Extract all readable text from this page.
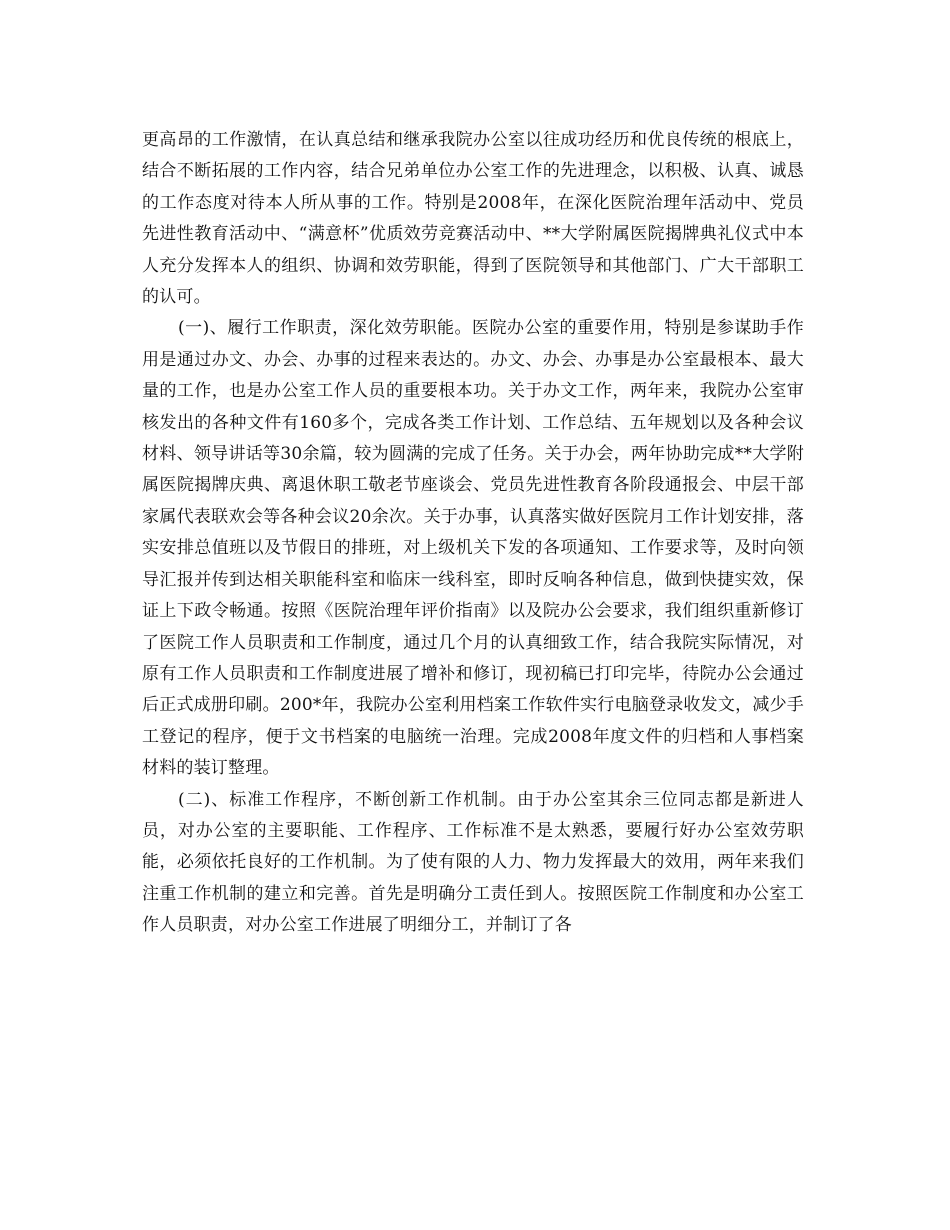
更高昂的工作激情，在认真总结和继承我院办公室以往成功经历和优良传统的根底上，结合不断拓展的工作内容，结合兄弟单位办公室工作的先进理念，以积极、认真、诚恳的工作态度对待本人所从事的工作。特别是2008年，在深化医院治理年活动中、党员先进性教育活动中、“满意杯”优质效劳竞赛活动中、**大学附属医院揭牌典礼仪式中本人充分发挥本人的组织、协调和效劳职能，得到了医院领导和其他部门、广大干部职工的认可。

(一)、履行工作职责，深化效劳职能。医院办公室的重要作用，特别是参谋助手作用是通过办文、办会、办事的过程来表达的。办文、办会、办事是办公室最根本、最大量的工作，也是办公室工作人员的重要根本功。关于办文工作，两年来，我院办公室审核发出的各种文件有160多个，完成各类工作计划、工作总结、五年规划以及各种会议材料、领导讲话等30余篇，较为圆满的完成了任务。关于办会，两年协助完成**大学附属医院揭牌庆典、离退休职工敬老节座谈会、党员先进性教育各阶段通报会、中层干部家属代表联欢会等各种会议20余次。关于办事，认真落实做好医院月工作计划安排，落实安排总值班以及节假日的排班，对上级机关下发的各项通知、工作要求等，及时向领导汇报并传到达相关职能科室和临床一线科室，即时反响各种信息，做到快捷实效，保证上下政令畅通。按照《医院治理年评价指南》以及院办公会要求，我们组织重新修订了医院工作人员职责和工作制度，通过几个月的认真细致工作，结合我院实际情况，对原有工作人员职责和工作制度进展了增补和修订，现初稿已打印完毕，待院办公会通过后正式成册印刷。200*年，我院办公室利用档案工作软件实行电脑登录收发文，减少手工登记的程序，便于文书档案的电脑统一治理。完成2008年度文件的归档和人事档案材料的装订整理。

(二)、标准工作程序，不断创新工作机制。由于办公室其余三位同志都是新进人员，对办公室的主要职能、工作程序、工作标准不是太熟悉，要履行好办公室效劳职能，必须依托良好的工作机制。为了使有限的人力、物力发挥最大的效用，两年来我们注重工作机制的建立和完善。首先是明确分工责任到人。按照医院工作制度和办公室工作人员职责，对办公室工作进展了明细分工，并制订了各
